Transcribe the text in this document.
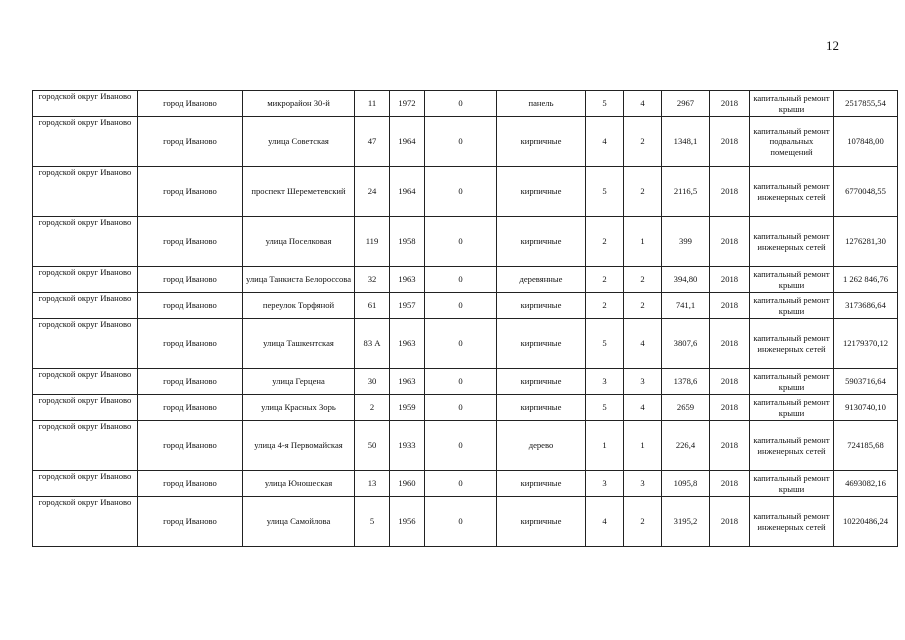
12
городской округ Иваново	город Иваново	микрорайон 30-й	11	1972	0	панель	5	4	2967	2018	капитальный ремонт крыши	2517855,54
городской округ Иваново	город Иваново	улица Советская	47	1964	0	кирпичные	4	2	1348,1	2018	капитальный ремонт подвальных помещений	107848,00
городской округ Иваново	город Иваново	проспект Шереметевский	24	1964	0	кирпичные	5	2	2116,5	2018	капитальный ремонт инженерных сетей	6770048,55
городской округ Иваново	город Иваново	улица Поселковая	119	1958	0	кирпичные	2	1	399	2018	капитальный ремонт инженерных сетей	1276281,30
городской округ Иваново	город Иваново	улица Танкиста Белороссова	32	1963	0	деревянные	2	2	394,80	2018	капитальный ремонт крыши	1 262 846,76
городской округ Иваново	город Иваново	переулок Торфяной	61	1957	0	кирпичные	2	2	741,1	2018	капитальный ремонт крыши	3173686,64
городской округ Иваново	город Иваново	улица Ташкентская	83 А	1963	0	кирпичные	5	4	3807,6	2018	капитальный ремонт инженерных сетей	12179370,12
городской округ Иваново	город Иваново	улица Герцена	30	1963	0	кирпичные	3	3	1378,6	2018	капитальный ремонт крыши	5903716,64
городской округ Иваново	город Иваново	улица Красных Зорь	2	1959	0	кирпичные	5	4	2659	2018	капитальный ремонт крыши	9130740,10
городской округ Иваново	город Иваново	улица 4-я Первомайская	50	1933	0	дерево	1	1	226,4	2018	капитальный ремонт инженерных сетей	724185,68
городской округ Иваново	город Иваново	улица Юношеская	13	1960	0	кирпичные	3	3	1095,8	2018	капитальный ремонт крыши	4693082,16
городской округ Иваново	город Иваново	улица Самойлова	5	1956	0	кирпичные	4	2	3195,2	2018	капитальный ремонт инженерных сетей	10220486,24
